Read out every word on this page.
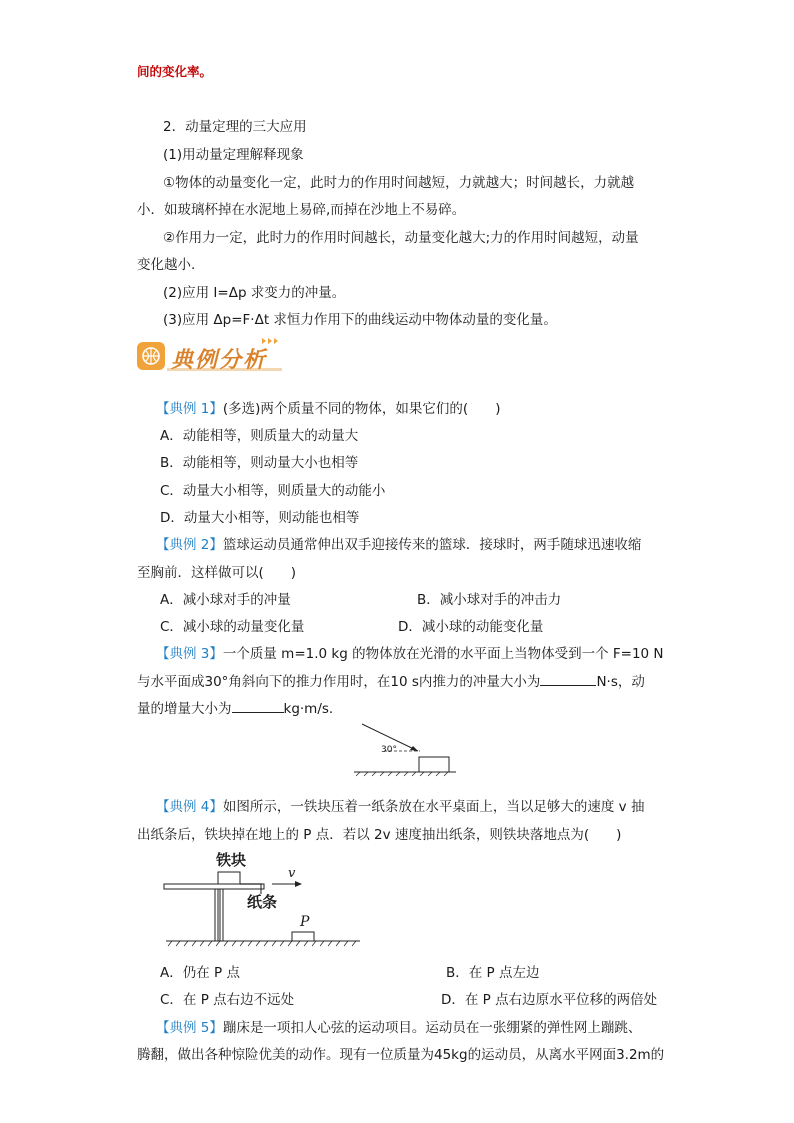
间的变化率。
2．动量定理的三大应用
(1)用动量定理解释现象
①物体的动量变化一定，此时力的作用时间越短，力就越大；时间越长，力就越
小．如玻璃杯掉在水泥地上易碎,而掉在沙地上不易碎。
②作用力一定，此时力的作用时间越长，动量变化越大;力的作用时间越短，动量
变化越小.
(2)应用 I=Δp 求变力的冲量。
(3)应用 Δp=F·Δt 求恒力作用下的曲线运动中物体动量的变化量。
典例分析
【典例 1】(多选)两个质量不同的物体，如果它们的(　　)
A．动能相等，则质量大的动量大
B．动能相等，则动量大小也相等
C．动量大小相等，则质量大的动能小
D．动量大小相等，则动能也相等
【典例 2】篮球运动员通常伸出双手迎接传来的篮球．接球时，两手随球迅速收缩
至胸前．这样做可以(　　)
A．减小球对手的冲量	B．减小球对手的冲击力
C．减小球的动量变化量	D．减小球的动能变化量
【典例 3】一个质量 m=1.0 kg 的物体放在光滑的水平面上当物体受到一个 F=10 N
与水平面成30°角斜向下的推力作用时，在10 s内推力的冲量大小为	N·s，动
量的增量大小为	kg·m/s.
30°
【典例 4】如图所示，一铁块压着一纸条放在水平桌面上，当以足够大的速度 v 抽
出纸条后，铁块掉在地上的 P 点．若以 2v 速度抽出纸条，则铁块落地点为(　　)
铁块
v
纸条
P
A．仍在 P 点	B．在 P 点左边
C．在 P 点右边不远处	D．在 P 点右边原水平位移的两倍处
【典例 5】蹦床是一项扣人心弦的运动项目。运动员在一张绷紧的弹性网上蹦跳、
腾翻，做出各种惊险优美的动作。现有一位质量为45kg的运动员，从离水平网面3.2m的
